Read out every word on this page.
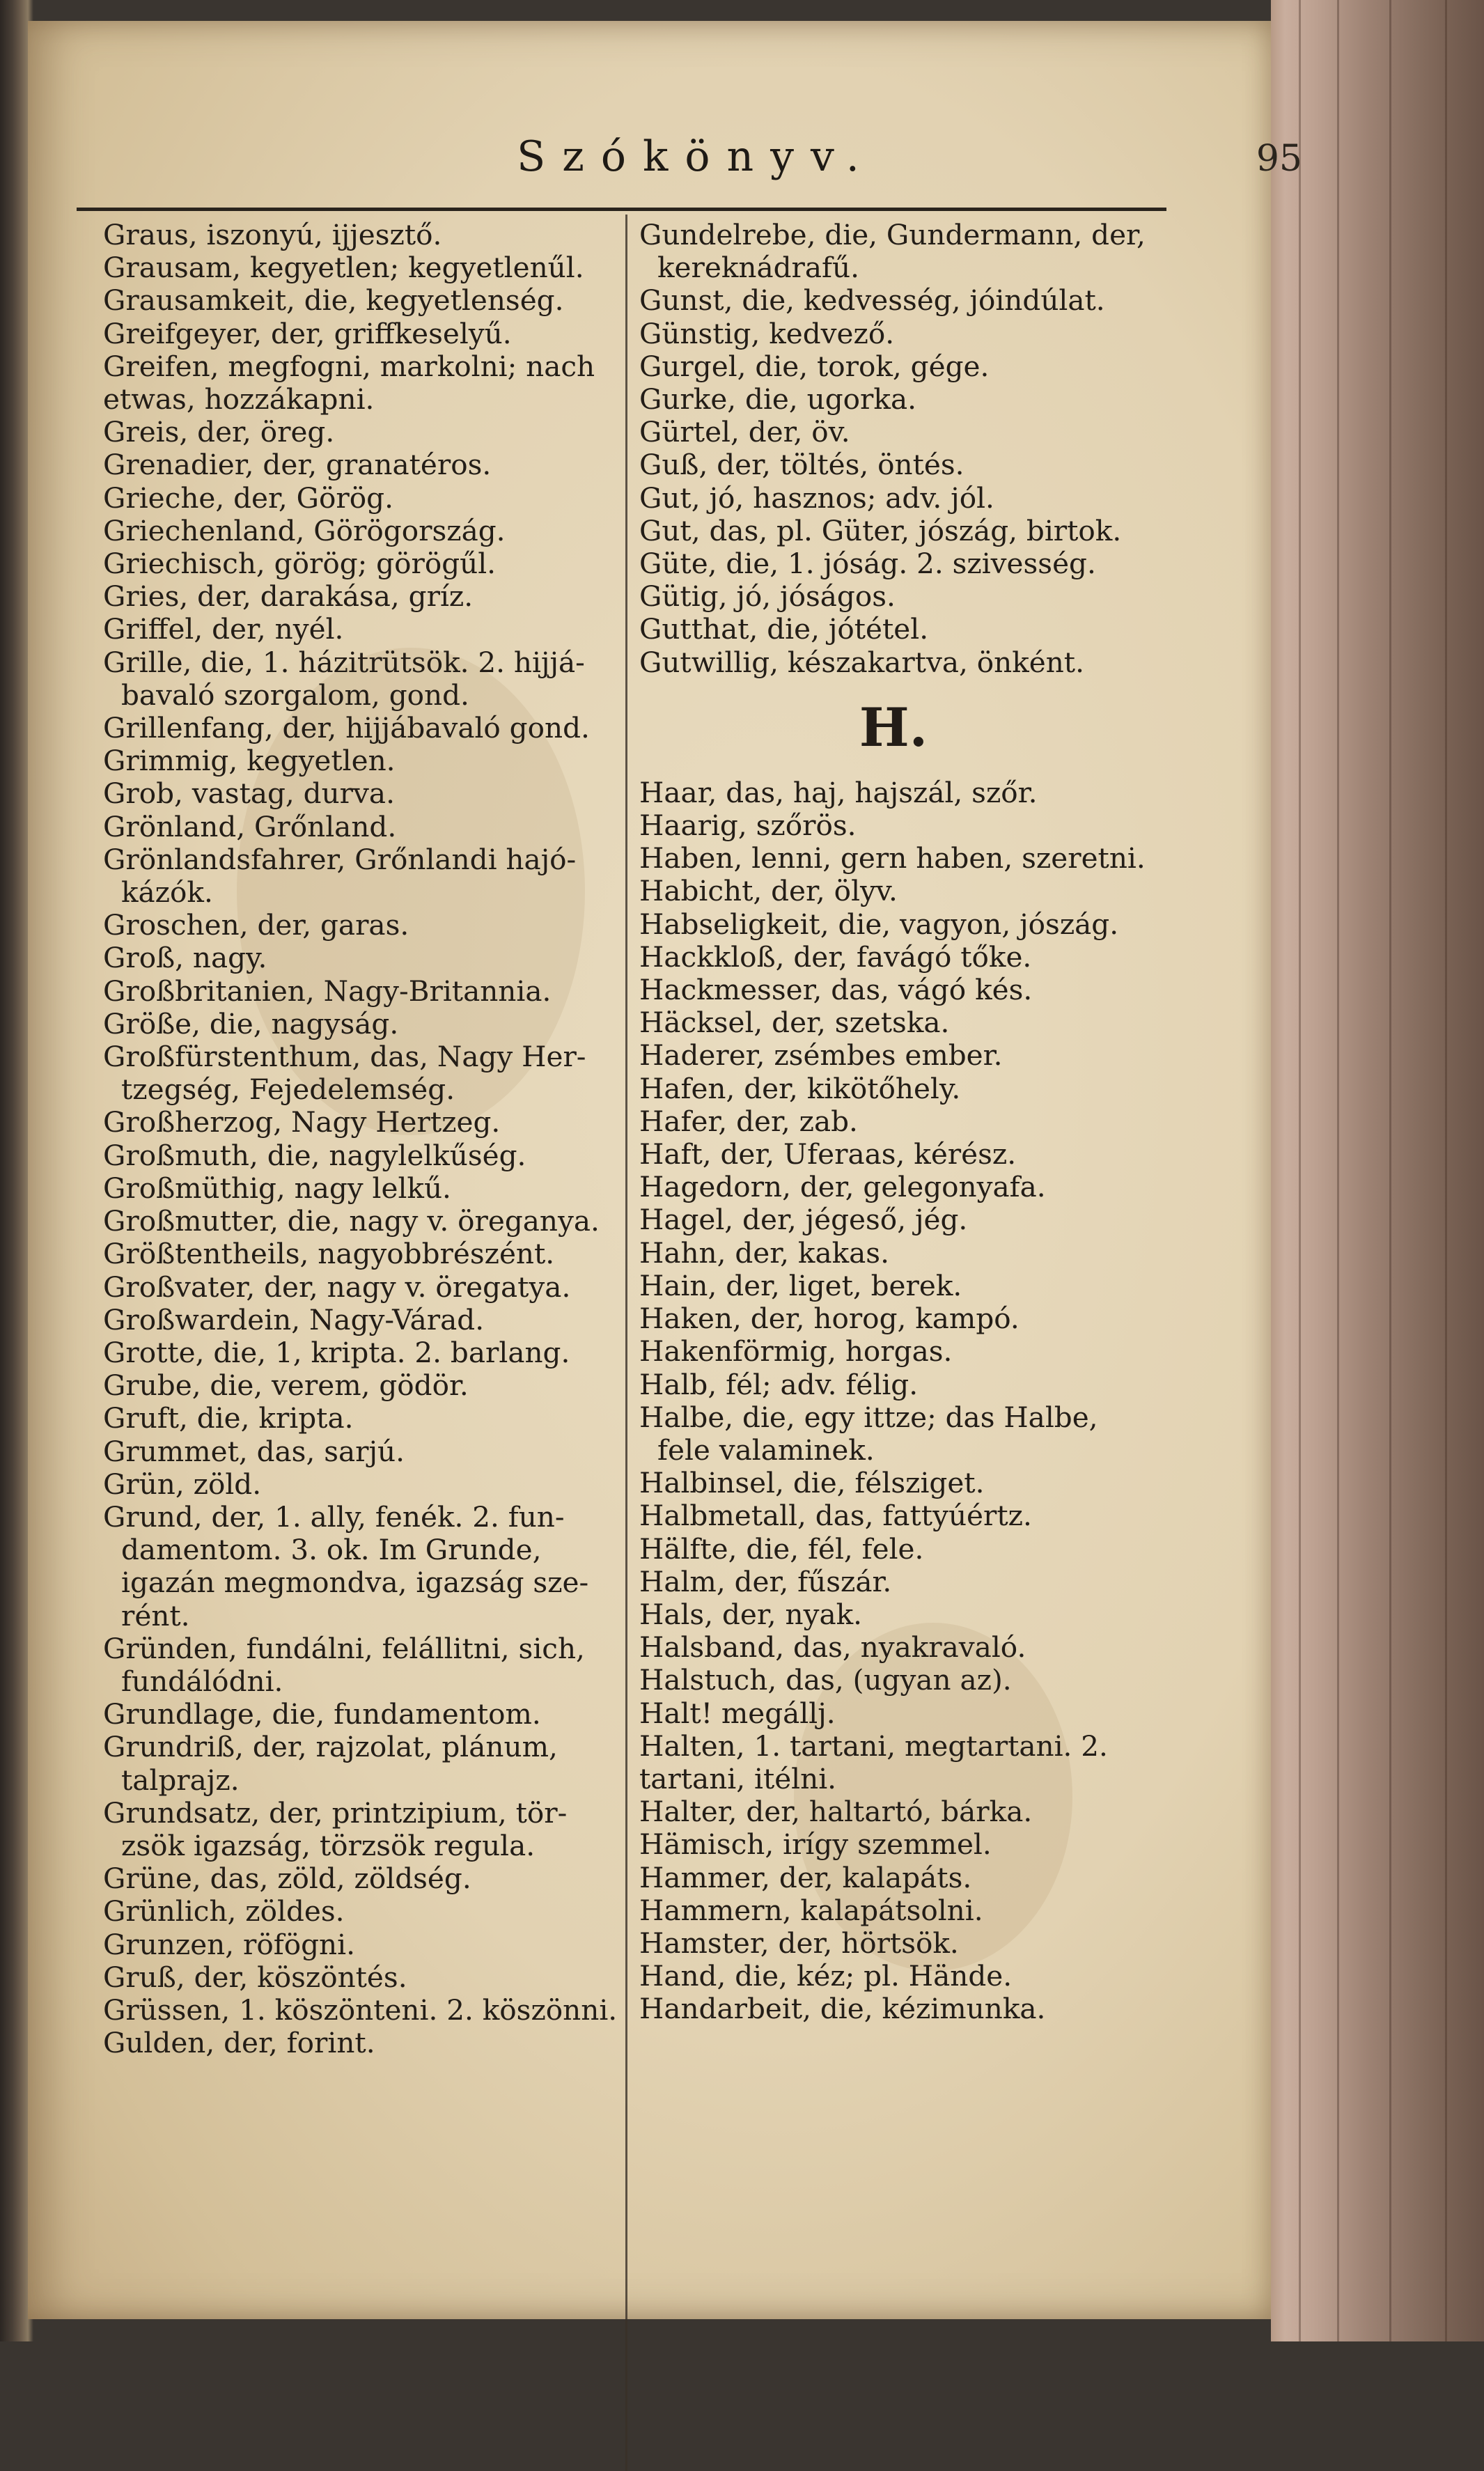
Szókönyv.	95
Graus, iszonyú, ijjesztő.
Grausam, kegyetlen; kegyetlenűl.
Grausamkeit, die, kegyetlenség.
Greifgeyer, der, griffkeselyű.
Greifen, megfogni, markolni; nach
etwas, hozzákapni.
Greis, der, öreg.
Grenadier, der, granatéros.
Grieche, der, Görög.
Griechenland, Görögország.
Griechisch, görög; görögűl.
Gries, der, darakása, gríz.
Griffel, der, nyél.
Grille, die, 1. házitrütsök. 2. hijjá-
bavaló szorgalom, gond.
Grillenfang, der, hijjábavaló gond.
Grimmig, kegyetlen.
Grob, vastag, durva.
Grönland, Grőnland.
Grönlandsfahrer, Grőnlandi hajó-
kázók.
Groschen, der, garas.
Groß, nagy.
Großbritanien, Nagy-Britannia.
Größe, die, nagyság.
Großfürstenthum, das, Nagy Her-
tzegség, Fejedelemség.
Großherzog, Nagy Hertzeg.
Großmuth, die, nagylelkűség.
Großmüthig, nagy lelkű.
Großmutter, die, nagy v. öreganya.
Größtentheils, nagyobbrészént.
Großvater, der, nagy v. öregatya.
Großwardein, Nagy-Várad.
Grotte, die, 1, kripta. 2. barlang.
Grube, die, verem, gödör.
Gruft, die, kripta.
Grummet, das, sarjú.
Grün, zöld.
Grund, der, 1. ally, fenék. 2. fun-
damentom. 3. ok. Im Grunde,
igazán megmondva, igazság sze-
rént.
Gründen, fundálni, felállitni, sich,
fundálódni.
Grundlage, die, fundamentom.
Grundriß, der, rajzolat, plánum,
talprajz.
Grundsatz, der, printzipium, tör-
zsök igazság, törzsök regula.
Grüne, das, zöld, zöldség.
Grünlich, zöldes.
Grunzen, röfögni.
Gruß, der, köszöntés.
Grüssen, 1. köszönteni. 2. köszönni.
Gulden, der, forint.
Gundelrebe, die, Gundermann, der,
kereknádrafű.
Gunst, die, kedvesség, jóindúlat.
Günstig, kedvező.
Gurgel, die, torok, gége.
Gurke, die, ugorka.
Gürtel, der, öv.
Guß, der, töltés, öntés.
Gut, jó, hasznos; adv. jól.
Gut, das, pl. Güter, jószág, birtok.
Güte, die, 1. jóság. 2. szivesség.
Gütig, jó, jóságos.
Gutthat, die, jótétel.
Gutwillig, készakartva, önként.
H.
Haar, das, haj, hajszál, szőr.
Haarig, szőrös.
Haben, lenni, gern haben, szeretni.
Habicht, der, ölyv.
Habseligkeit, die, vagyon, jószág.
Hackkloß, der, favágó tőke.
Hackmesser, das, vágó kés.
Häcksel, der, szetska.
Haderer, zsémbes ember.
Hafen, der, kikötőhely.
Hafer, der, zab.
Haft, der, Uferaas, kérész.
Hagedorn, der, gelegonyafa.
Hagel, der, jégeső, jég.
Hahn, der, kakas.
Hain, der, liget, berek.
Haken, der, horog, kampó.
Hakenförmig, horgas.
Halb, fél; adv. félig.
Halbe, die, egy ittze; das Halbe,
fele valaminek.
Halbinsel, die, félsziget.
Halbmetall, das, fattyúértz.
Hälfte, die, fél, fele.
Halm, der, fűszár.
Hals, der, nyak.
Halsband, das, nyakravaló.
Halstuch, das, (ugyan az).
Halt! megállj.
Halten, 1. tartani, megtartani. 2.
tartani, itélni.
Halter, der, haltartó, bárka.
Hämisch, irígy szemmel.
Hammer, der, kalapáts.
Hammern, kalapátsolni.
Hamster, der, hörtsök.
Hand, die, kéz; pl. Hände.
Handarbeit, die, kézimunka.
